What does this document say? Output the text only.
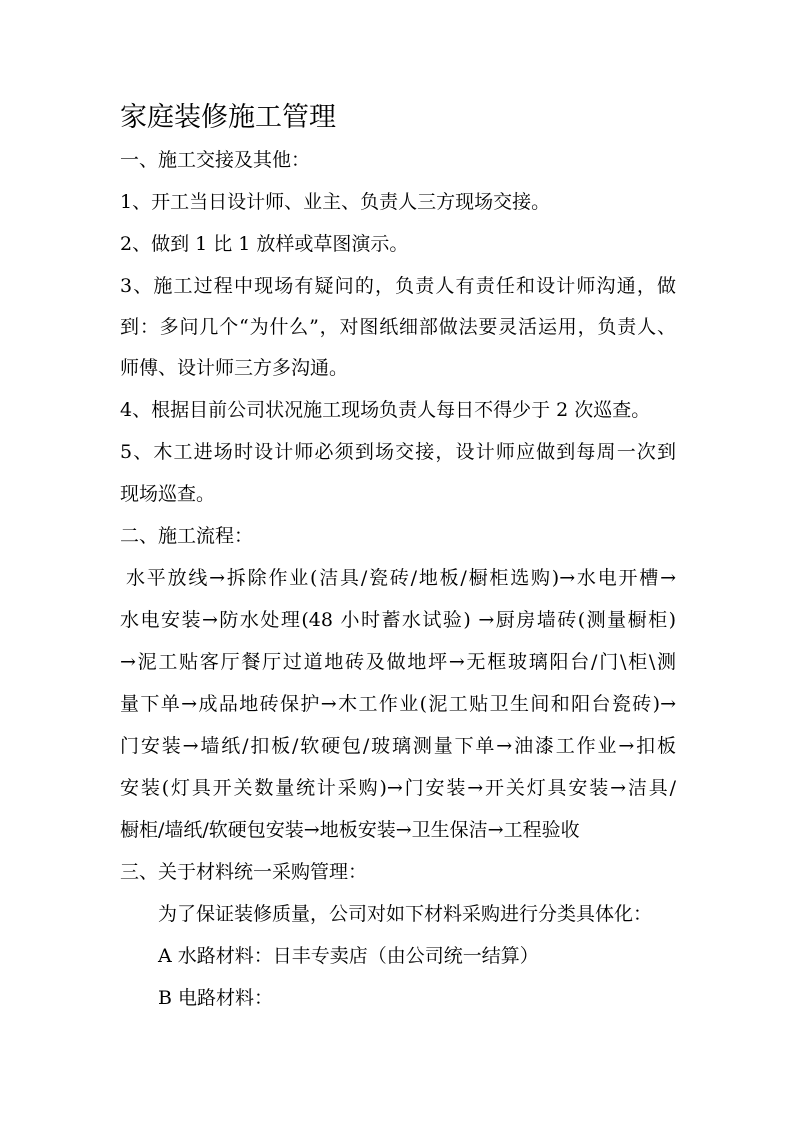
家庭装修施工管理

一、施工交接及其他：

1、开工当日设计师、业主、负责人三方现场交接。

2、做到 1 比 1 放样或草图演示。

3、施工过程中现场有疑问的，负责人有责任和设计师沟通，做

到：多问几个“为什么”，对图纸细部做法要灵活运用，负责人、

师傅、设计师三方多沟通。

4、根据目前公司状况施工现场负责人每日不得少于 2 次巡查。

5、木工进场时设计师必须到场交接，设计师应做到每周一次到

现场巡查。

二、施工流程：

水平放线→拆除作业(洁具/瓷砖/地板/橱柜选购)→水电开槽→

水电安装→防水处理(48 小时蓄水试验) →厨房墙砖(测量橱柜)

→泥工贴客厅餐厅过道地砖及做地坪→无框玻璃阳台/门\柜\测

量下单→成品地砖保护→木工作业(泥工贴卫生间和阳台瓷砖)→

门安装→墙纸/扣板/软硬包/玻璃测量下单→油漆工作业→扣板

安装(灯具开关数量统计采购)→门安装→开关灯具安装→洁具/

橱柜/墙纸/软硬包安装→地板安装→卫生保洁→工程验收

三、关于材料统一采购管理：

为了保证装修质量，公司对如下材料采购进行分类具体化：

A 水路材料：日丰专卖店（由公司统一结算）

B 电路材料：
